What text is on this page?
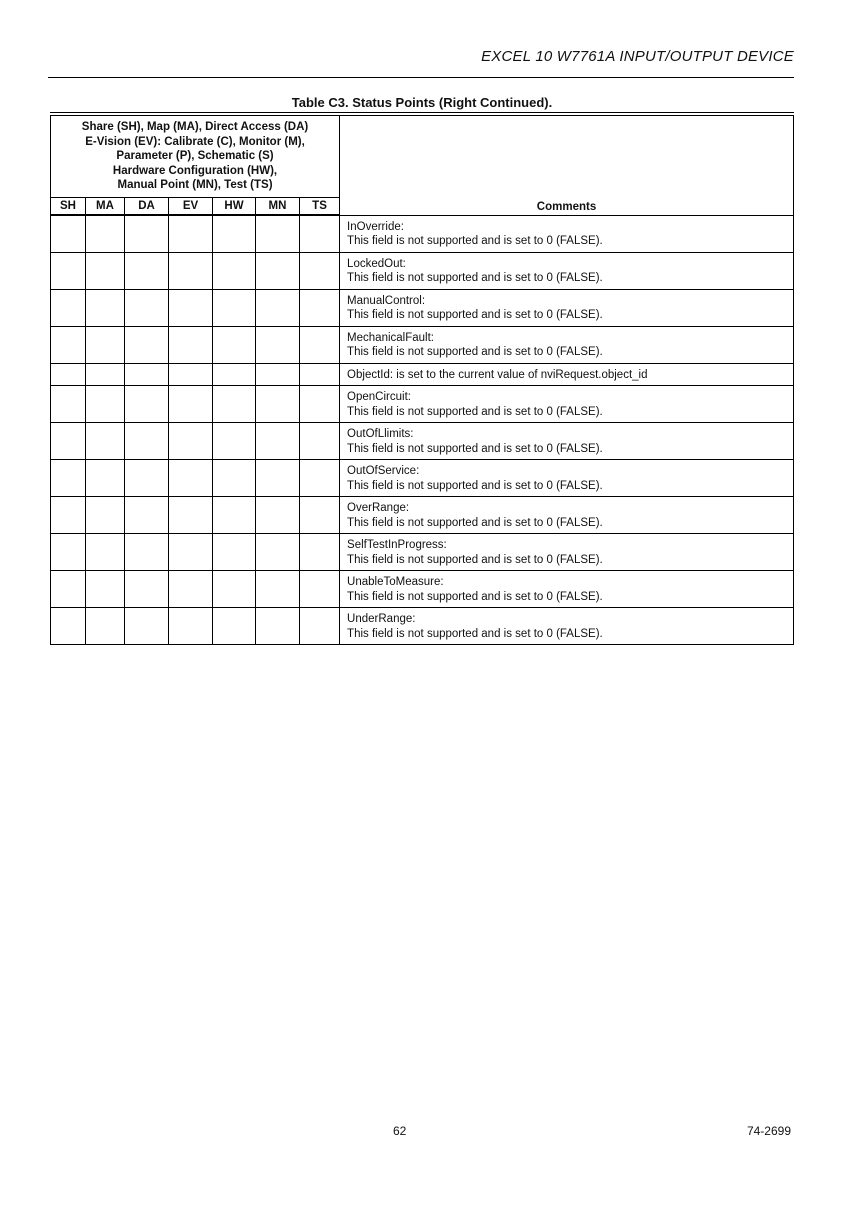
EXCEL 10 W7761A INPUT/OUTPUT DEVICE
Table C3. Status Points (Right Continued).
Share (SH), Map (MA), Direct Access (DA)
E-Vision (EV): Calibrate (C), Monitor (M),
Parameter (P), Schematic (S)
Hardware Configuration (HW),
Manual Point (MN), Test (TS)							Comments
SH	MA	DA	EV	HW	MN	TS	

							InOverride:
This field is not supported and is set to 0 (FALSE).

							LockedOut:
This field is not supported and is set to 0 (FALSE).

							ManualControl:
This field is not supported and is set to 0 (FALSE).

							MechanicalFault:
This field is not supported and is set to 0 (FALSE).

							ObjectId: is set to the current value of nviRequest.object_id

							OpenCircuit:
This field is not supported and is set to 0 (FALSE).

							OutOfLlimits:
This field is not supported and is set to 0 (FALSE).

							OutOfService:
This field is not supported and is set to 0 (FALSE).

							OverRange:
This field is not supported and is set to 0 (FALSE).

							SelfTestInProgress:
This field is not supported and is set to 0 (FALSE).

							UnableToMeasure:
This field is not supported and is set to 0 (FALSE).

							UnderRange:
This field is not supported and is set to 0 (FALSE).
62	74-2699
